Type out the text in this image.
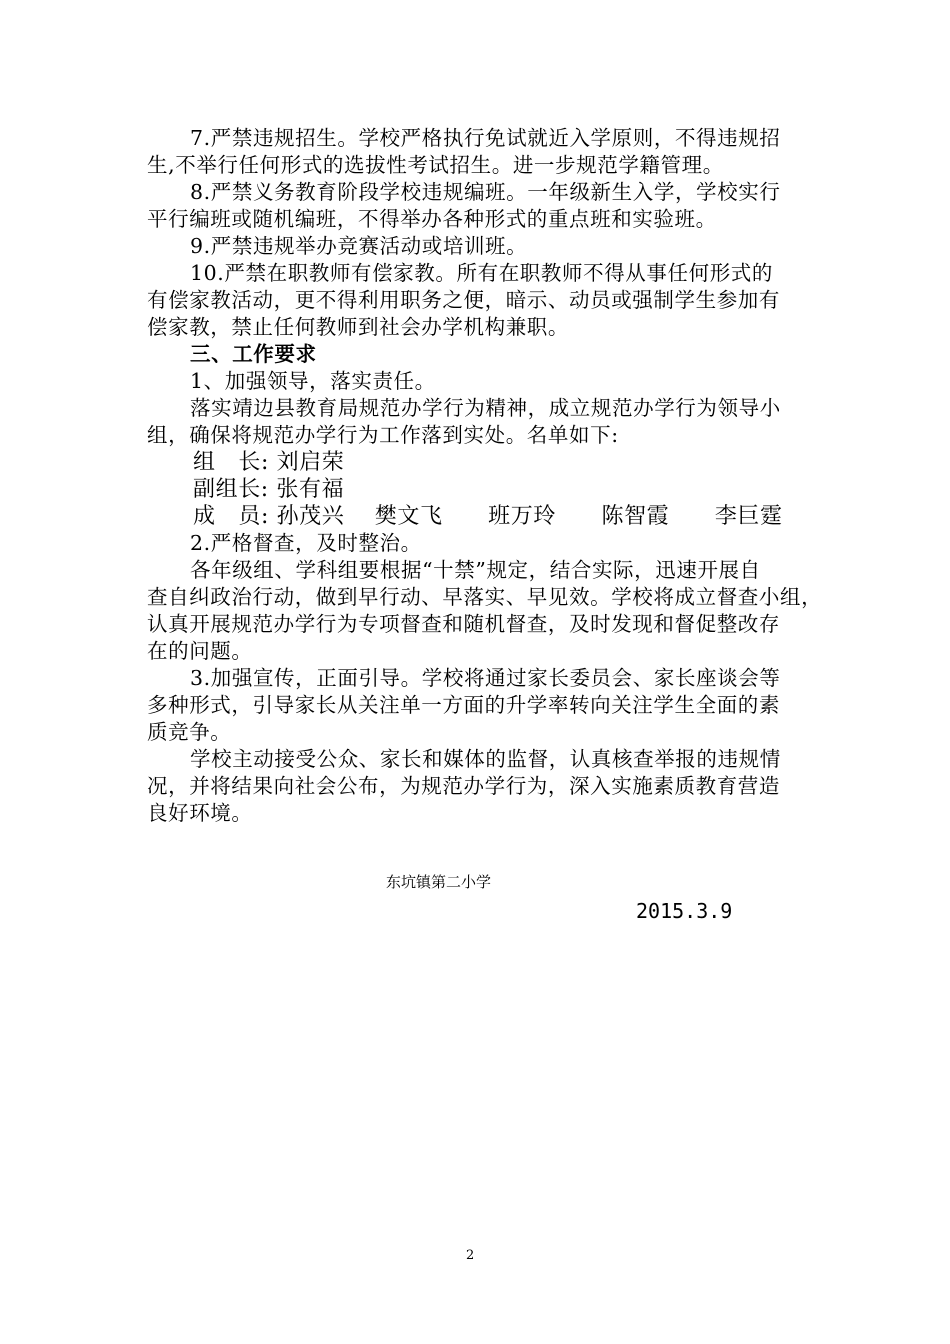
7.严禁违规招生。学校严格执行免试就近入学原则，不得违规招
生,不举行任何形式的选拔性考试招生。进一步规范学籍管理。
8.严禁义务教育阶段学校违规编班。一年级新生入学，学校实行
平行编班或随机编班，不得举办各种形式的重点班和实验班。
9.严禁违规举办竞赛活动或培训班。
10.严禁在职教师有偿家教。所有在职教师不得从事任何形式的
有偿家教活动，更不得利用职务之便，暗示、动员或强制学生参加有
偿家教，禁止任何教师到社会办学机构兼职。
三、工作要求
1、加强领导，落实责任。
落实靖边县教育局规范办学行为精神，成立规范办学行为领导小
组，确保将规范办学行为工作落到实处。名单如下:
组   长: 刘启荣
副组长: 张有福
成   员: 孙茂兴    樊文飞      班万玲      陈智霞      李巨霆
2.严格督查，及时整治。
各年级组、学科组要根据“十禁”规定，结合实际，迅速开展自
查自纠政治行动，做到早行动、早落实、早见效。学校将成立督查小组，
认真开展规范办学行为专项督查和随机督查，及时发现和督促整改存
在的问题。
3.加强宣传，正面引导。学校将通过家长委员会、家长座谈会等
多种形式，引导家长从关注单一方面的升学率转向关注学生全面的素
质竞争。
学校主动接受公众、家长和媒体的监督，认真核查举报的违规情
况，并将结果向社会公布，为规范办学行为，深入实施素质教育营造
良好环境。
东坑镇第二小学
2015.3.9
2
